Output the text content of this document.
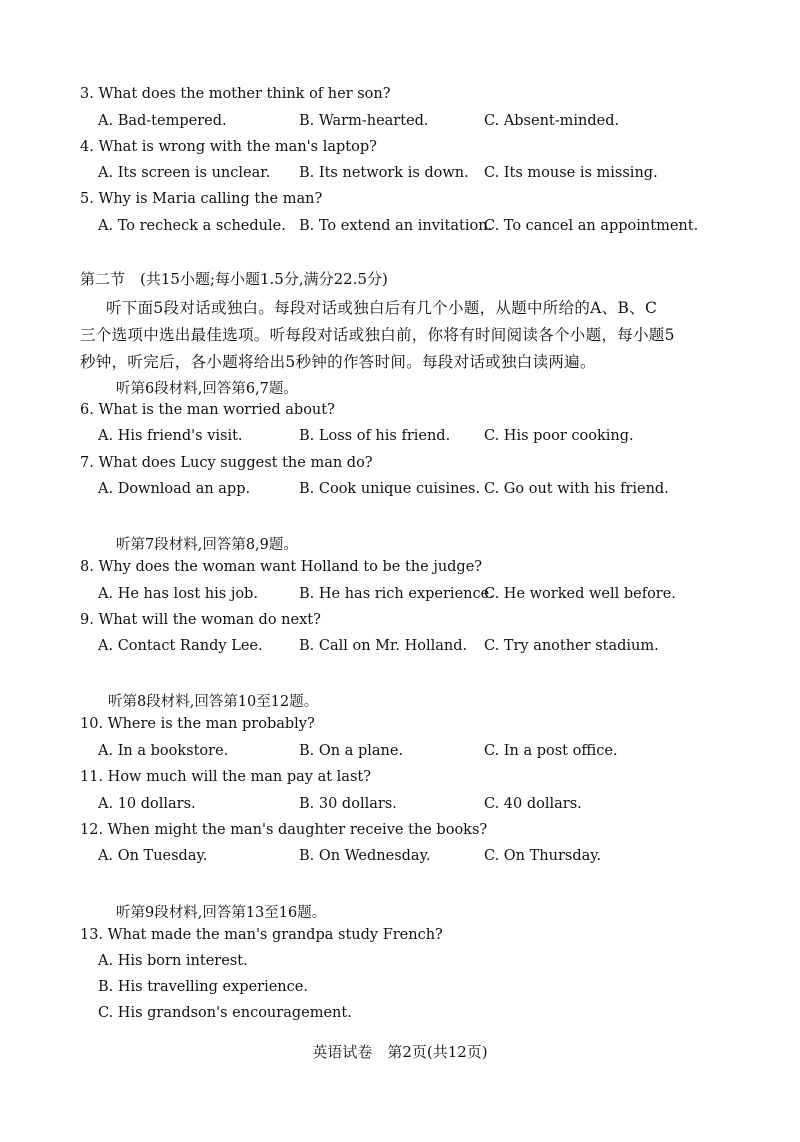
3. What does the mother think of her son?
A. Bad-tempered.	B. Warm-hearted.	C. Absent-minded.
4. What is wrong with the man's laptop?
A. Its screen is unclear. B. Its network is down. C. Its mouse is missing.
5. Why is Maria calling the man?
A. To recheck a schedule. B. To extend an invitation.
C. To cancel an appointment.
第二节　(共15小题;每小题1.5分,满分22.5分)
听下面5段对话或独白。每段对话或独白后有几个小题，从题中所给的A、B、C
三个选项中选出最佳选项。听每段对话或独白前，你将有时间阅读各个小题，每小题5
秒钟，听完后，各小题将给出5秒钟的作答时间。每段对话或独白读两遍。
听第6段材料,回答第6,7题。
6. What is the man worried about?
A. His friend's visit.	B. Loss of his friend. C. His poor cooking.
7. What does Lucy suggest the man do?
A. Download an app.	B. Cook unique cuisines. C. Go out with his friend.
听第7段材料,回答第8,9题。
8. Why does the woman want Holland to be the judge?
A. He has lost his job.	B. He has rich experience.
C. He worked well before.
9. What will the woman do next?
A. Contact Randy Lee.	B. Call on Mr. Holland. C. Try another stadium.
听第8段材料,回答第10至12题。
10. Where is the man probably?
A. In a bookstore.	B. On a plane.	C. In a post office.
11. How much will the man pay at last?
A. 10 dollars.	B. 30 dollars.	C. 40 dollars.
12. When might the man's daughter receive the books?
A. On Tuesday.	B. On Wednesday.	C. On Thursday.
听第9段材料,回答第13至16题。
13. What made the man's grandpa study French?
A. His born interest.
B. His travelling experience.
C. His grandson's encouragement.
英语试卷　第2页(共12页)
